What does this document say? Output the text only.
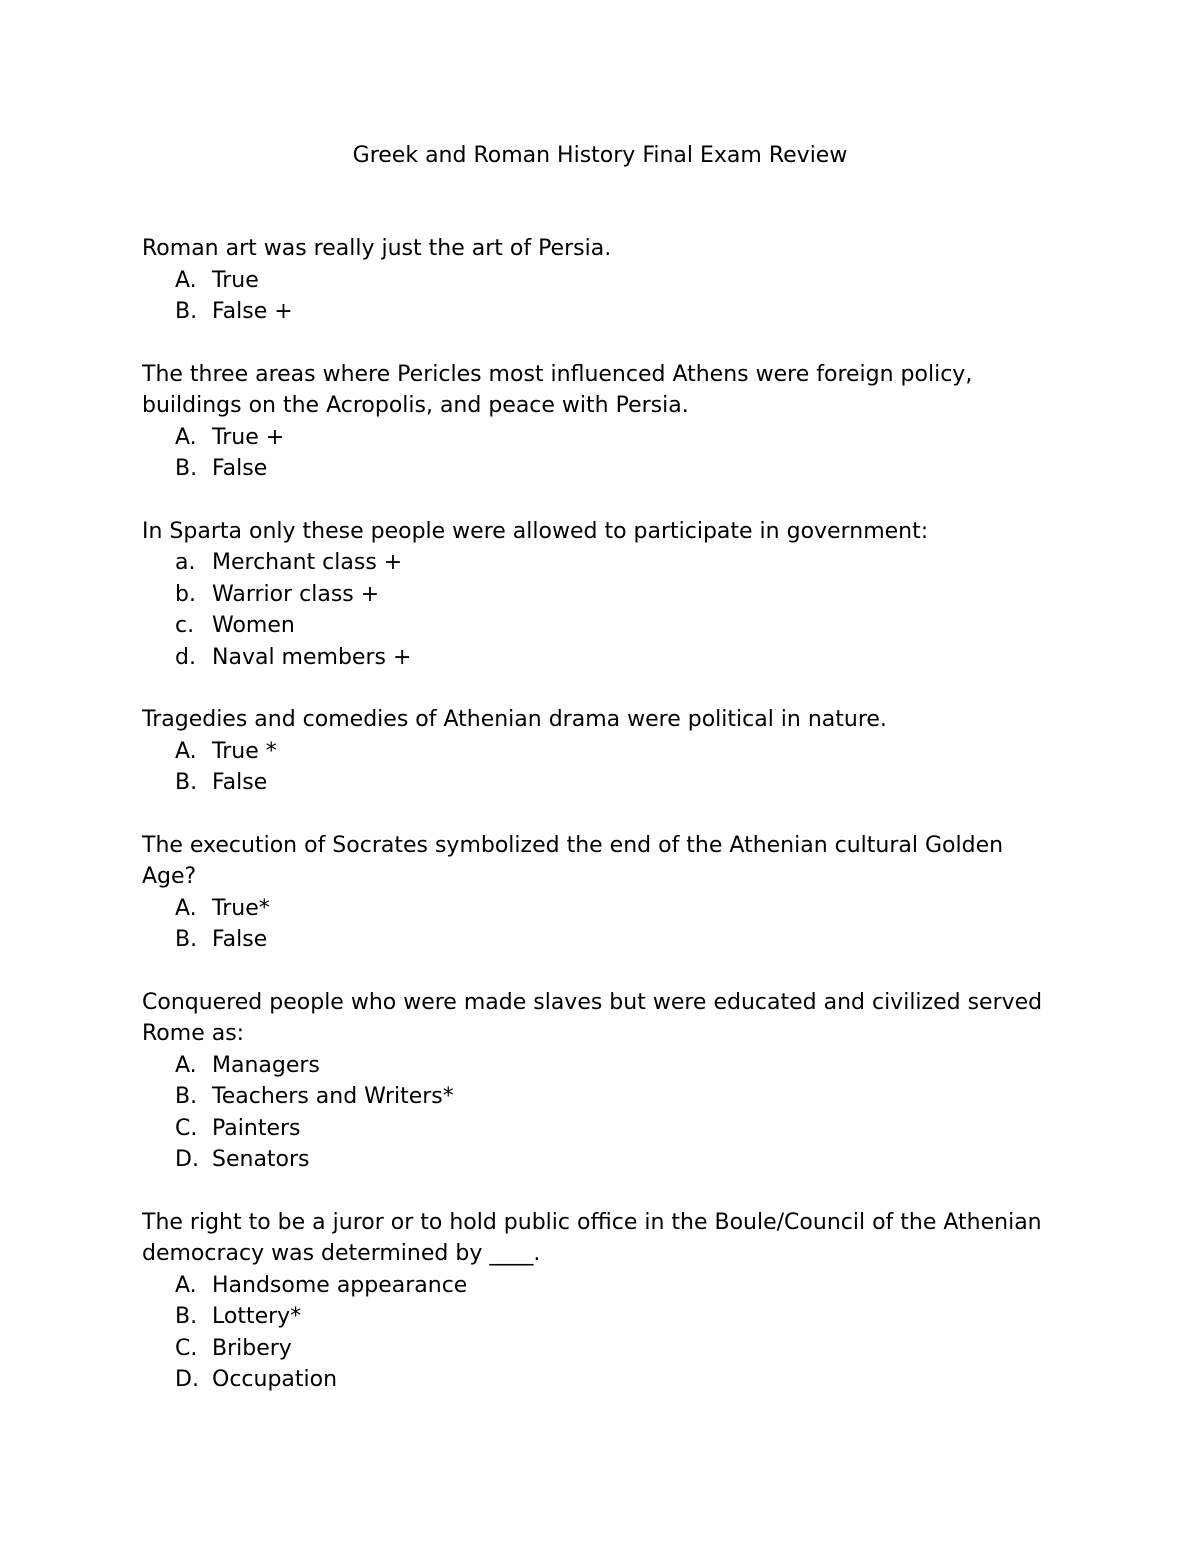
Greek and Roman History Final Exam Review

Roman art was really just the art of Persia.

A. True
B. False +

The three areas where Pericles most influenced Athens were foreign policy, buildings on the Acropolis, and peace with Persia.

A. True +
B. False

In Sparta only these people were allowed to participate in government:

a. Merchant class +
b. Warrior class +
c. Women
d. Naval members +

Tragedies and comedies of Athenian drama were political in nature.

A. True *
B. False

The execution of Socrates symbolized the end of the Athenian cultural Golden Age?

A. True*
B. False

Conquered people who were made slaves but were educated and civilized served Rome as:

A. Managers
B. Teachers and Writers*
C. Painters
D. Senators

The right to be a juror or to hold public office in the Boule/Council of the Athenian democracy was determined by ____.

A. Handsome appearance
B. Lottery*
C. Bribery
D. Occupation
